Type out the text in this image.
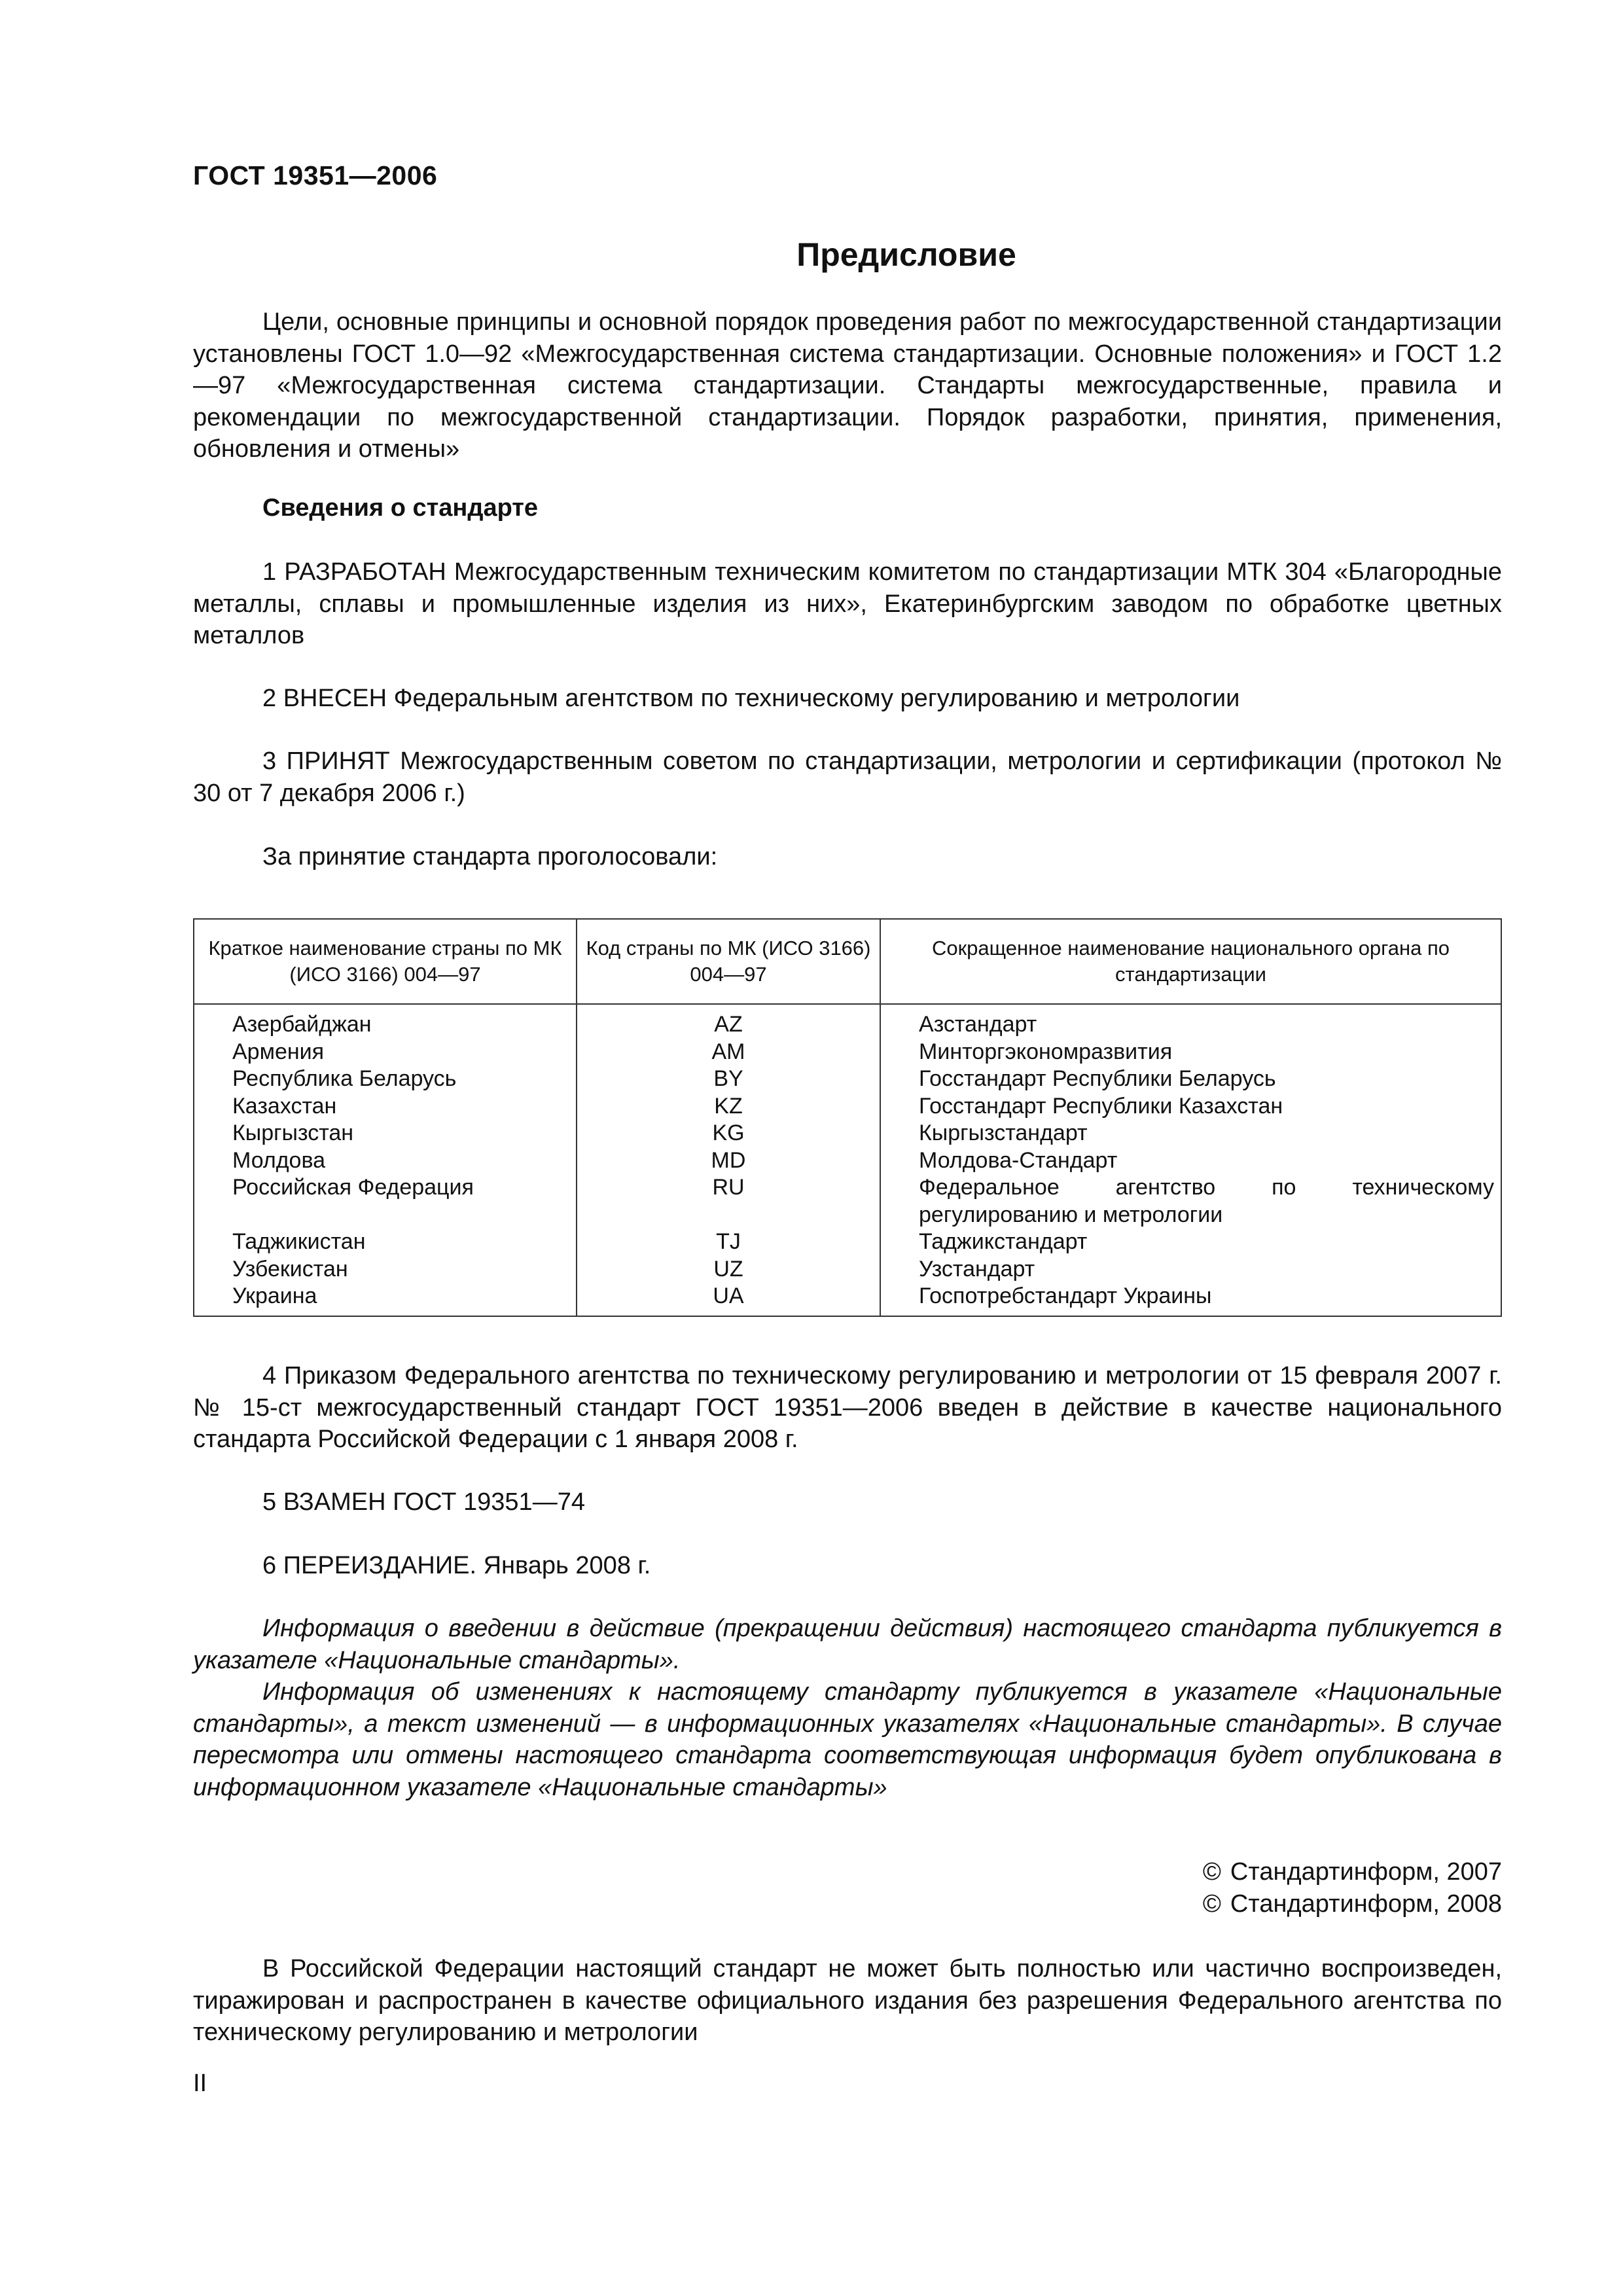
ГОСТ 19351—2006
Предисловие
Цели, основные принципы и основной порядок проведения работ по межгосударственной стандартизации установлены ГОСТ 1.0—92 «Межгосударственная система стандартизации. Основные положения» и ГОСТ 1.2—97 «Межгосударственная система стандартизации. Стандарты межгосударственные, правила и рекомендации по межгосударственной стандартизации. Порядок разработки, принятия, применения, обновления и отмены»
Сведения о стандарте
1 РАЗРАБОТАН Межгосударственным техническим комитетом по стандартизации МТК 304 «Благородные металлы, сплавы и промышленные изделия из них», Екатеринбургским заводом по обработке цветных металлов
2 ВНЕСЕН Федеральным агентством по техническому регулированию и метрологии
3 ПРИНЯТ Межгосударственным советом по стандартизации, метрологии и сертификации (протокол № 30 от 7 декабря 2006 г.)
За принятие стандарта проголосовали:
Краткое наименование страны по МК (ИСО 3166) 004—97	Код страны по МК (ИСО 3166) 004—97	Сокращенное наименование национального органа по стандартизации
Азербайджан	AZ	Азстандарт
Армения	AM	Минторгэкономразвития
Республика Беларусь	BY	Госстандарт Республики Беларусь
Казахстан	KZ	Госстандарт Республики Казахстан
Кыргызстан	KG	Кыргызстандарт
Молдова	MD	Молдова-Стандарт
Российская Федерация	RU	Федеральное агентство по техническому регулированию и метрологии
Таджикистан	TJ	Таджикстандарт
Узбекистан	UZ	Узстандарт
Украина	UA	Госпотребстандарт Украины
4 Приказом Федерального агентства по техническому регулированию и метрологии от 15 февраля 2007 г. № 15-ст межгосударственный стандарт ГОСТ 19351—2006 введен в действие в качестве национального стандарта Российской Федерации с 1 января 2008 г.
5 ВЗАМЕН ГОСТ 19351—74
6 ПЕРЕИЗДАНИЕ. Январь 2008 г.
Информация о введении в действие (прекращении действия) настоящего стандарта публикуется в указателе «Национальные стандарты».
Информация об изменениях к настоящему стандарту публикуется в указателе «Национальные стандарты», а текст изменений — в информационных указателях «Национальные стандарты». В случае пересмотра или отмены настоящего стандарта соответствующая информация будет опубликована в информационном указателе «Национальные стандарты»
© Стандартинформ, 2007
© Стандартинформ, 2008
В Российской Федерации настоящий стандарт не может быть полностью или частично воспроизведен, тиражирован и распространен в качестве официального издания без разрешения Федерального агентства по техническому регулированию и метрологии
II
